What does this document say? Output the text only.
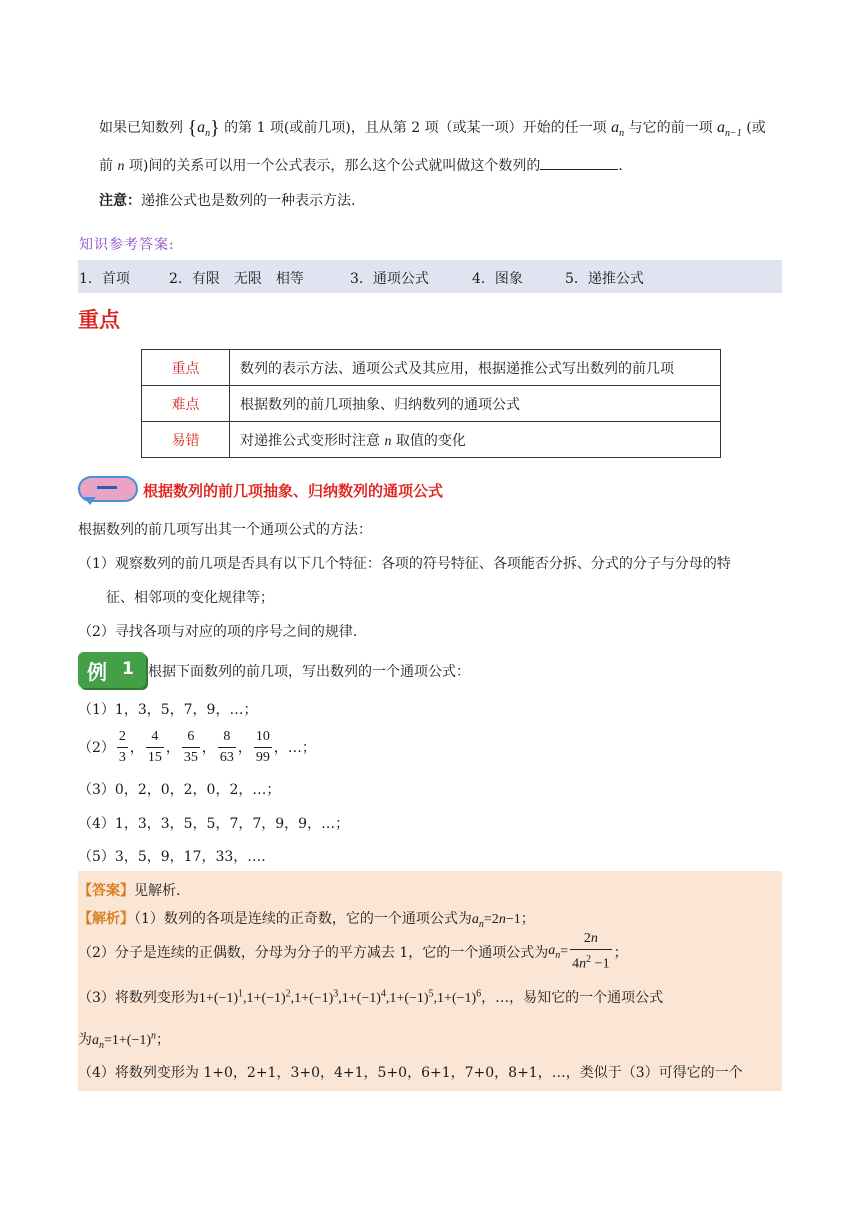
如果已知数列 $\{a_n\}$ 的第 1 项(或前几项)，且从第 2 项（或某一项）开始的任一项 $a_n$ 与它的前一项 $a_{n-1}$ (或
前 n 项)间的关系可以用一个公式表示，那么这个公式就叫做这个数列的	.
注意：递推公式也是数列的一种表示方法.
知识参考答案:
1．首项	2．有限　无限　相等	3．通项公式	4．图象	5．递推公式
重点
重点	数列的表示方法、通项公式及其应用，根据递推公式写出数列的前几项
难点	根据数列的前几项抽象、归纳数列的通项公式
易错	对递推公式变形时注意 n 取值的变化
根据数列的前几项抽象、归纳数列的通项公式
根据数列的前几项写出其一个通项公式的方法：
（1）观察数列的前几项是否具有以下几个特征：各项的符号特征、各项能否分拆、分式的分子与分母的特
征、相邻项的变化规律等；
（2）寻找各项与对应的项的序号之间的规律.
例 1 根据下面数列的前几项，写出数列的一个通项公式：
（1）1，3，5，7，9，…；
$(2) \frac{2}{3}$ ， $\frac{4}{15}$ ， $\frac{6}{35}$ ， $\frac{8}{63}$ ， $\frac{10}{99}$ ，…；
（3）0，2，0，2，0，2，…；
（4）1，3，3，5，5，7，7，9，9，…；
（5）3，5，9，17，33，….
【答案】见解析.
【解析】（1）数列的各项是连续的正奇数，它的一个通项公式为$a_n=2n-1$；
（2）分子是连续的正偶数，分母为分子的平方减去 1，它的一个通项公式为 $a_n = \frac{2n}{4n^2 -1}$ ；
（3）将数列变形为$1+(-1)^1,1+(-1)^2,1+(-1)^3,1+(-1)^4,1+(-1)^5,1+(-1)^6$，…，易知它的一个通项公式
为$a_n=1+(-1)^n$；
（4）将数列变形为 1+0，2+1，3+0，4+1，5+0，6+1，7+0，8+1，…，类似于（3）可得它的一个
